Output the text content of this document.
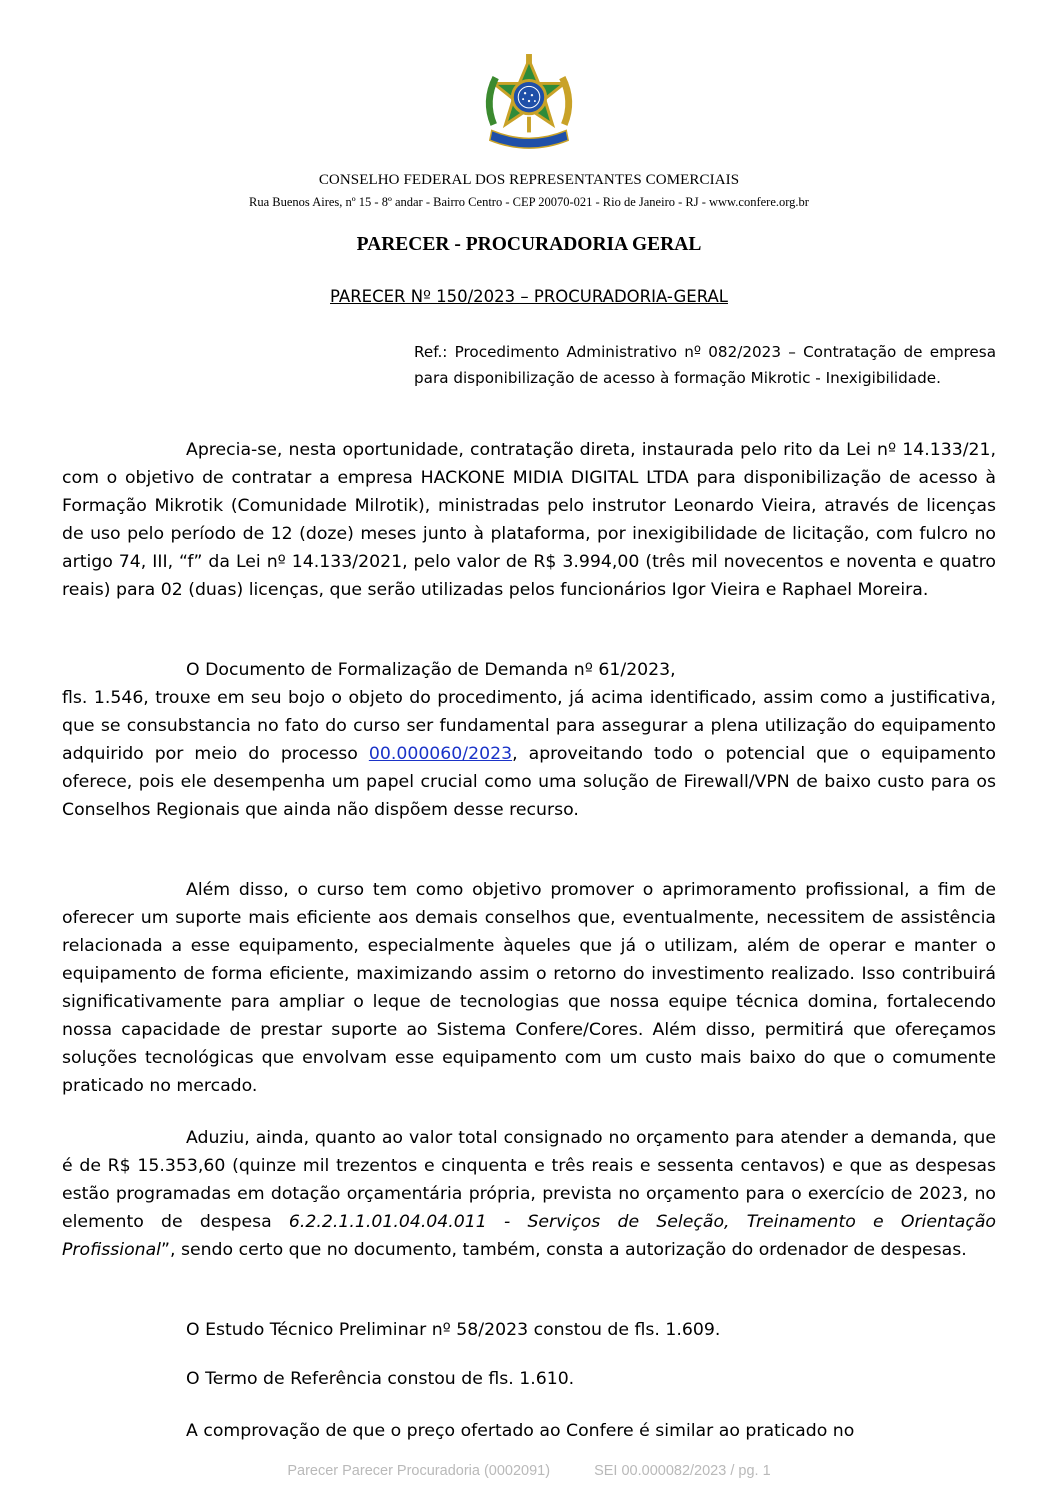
CONSELHO FEDERAL DOS REPRESENTANTES COMERCIAIS
Rua Buenos Aires, nº 15 - 8º andar - Bairro Centro - CEP 20070-021 - Rio de Janeiro - RJ - www.confere.org.br
PARECER - PROCURADORIA GERAL
PARECER Nº 150/2023 – PROCURADORIA-GERAL
Ref.: Procedimento Administrativo nº 082/2023 – Contratação de empresa para disponibilização de acesso à formação Mikrotic - Inexigibilidade.

Aprecia-se, nesta oportunidade, contratação direta, instaurada pelo rito da Lei nº 14.133/21, com o objetivo de contratar a empresa HACKONE MIDIA DIGITAL LTDA para disponibilização de acesso à Formação Mikrotik (Comunidade Milrotik), ministradas pelo instrutor Leonardo Vieira, através de licenças de uso pelo período de 12 (doze) meses junto à plataforma, por inexigibilidade de licitação, com fulcro no artigo 74, III, “f” da Lei nº 14.133/2021, pelo valor de R$ 3.994,00 (três mil novecentos e noventa e quatro reais) para 02 (duas) licenças, que serão utilizadas pelos funcionários Igor Vieira e Raphael Moreira.

O Documento de Formalização de Demanda nº 61/2023,

fls. 1.546, trouxe em seu bojo o objeto do procedimento, já acima identificado, assim como a justificativa, que se consubstancia no fato do curso ser fundamental para assegurar a plena utilização do equipamento adquirido por meio do processo 00.000060/2023, aproveitando todo o potencial que o equipamento oferece, pois ele desempenha um papel crucial como uma solução de Firewall/VPN de baixo custo para os Conselhos Regionais que ainda não dispõem desse recurso.

Além disso, o curso tem como objetivo promover o aprimoramento profissional, a fim de oferecer um suporte mais eficiente aos demais conselhos que, eventualmente, necessitem de assistência relacionada a esse equipamento, especialmente àqueles que já o utilizam, além de operar e manter o equipamento de forma eficiente, maximizando assim o retorno do investimento realizado. Isso contribuirá significativamente para ampliar o leque de tecnologias que nossa equipe técnica domina, fortalecendo nossa capacidade de prestar suporte ao Sistema Confere/Cores. Além disso, permitirá que ofereçamos soluções tecnológicas que envolvam esse equipamento com um custo mais baixo do que o comumente praticado no mercado.

Aduziu, ainda, quanto ao valor total consignado no orçamento para atender a demanda, que é de R$ 15.353,60 (quinze mil trezentos e cinquenta e três reais e sessenta centavos) e que as despesas estão programadas em dotação orçamentária própria, prevista no orçamento para o exercício de 2023, no elemento de despesa 6.2.2.1.1.01.04.04.011 - Serviços de Seleção, Treinamento e Orientação Profissional”, sendo certo que no documento, também, consta a autorização do ordenador de despesas.

O Estudo Técnico Preliminar nº 58/2023 constou de fls. 1.609.

O Termo de Referência constou de fls. 1.610.

A comprovação de que o preço ofertado ao Confere é similar ao praticado no

Parecer Parecer Procuradoria (0002091)	SEI 00.000082/2023 / pg. 1
